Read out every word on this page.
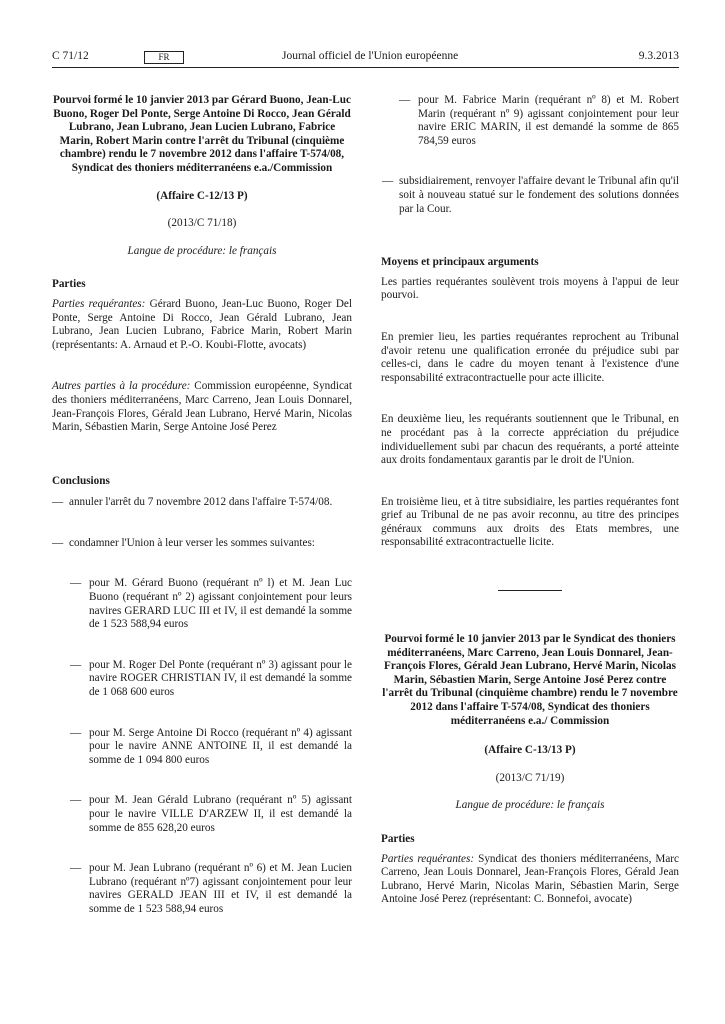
C 71/12	FR	Journal officiel de l'Union européenne	9.3.2013

Pourvoi formé le 10 janvier 2013 par Gérard Buono, Jean-Luc Buono, Roger Del Ponte, Serge Antoine Di Rocco, Jean Gérald Lubrano, Jean Lubrano, Jean Lucien Lubrano, Fabrice Marin, Robert Marin contre l'arrêt du Tribunal (cinquième chambre) rendu le 7 novembre 2012 dans l'affaire T-574/08, Syndicat des thoniers méditerranéens e.a./Commission

(Affaire C-12/13 P)

(2013/C 71/18)

Langue de procédure: le français

Parties

Parties requérantes: Gérard Buono, Jean-Luc Buono, Roger Del Ponte, Serge Antoine Di Rocco, Jean Gérald Lubrano, Jean Lubrano, Jean Lucien Lubrano, Fabrice Marin, Robert Marin (représentants: A. Arnaud et P.-O. Koubi-Flotte, avocats)

Autres parties à la procédure: Commission européenne, Syndicat des thoniers méditerranéens, Marc Carreno, Jean Louis Donnarel, Jean-François Flores, Gérald Jean Lubrano, Hervé Marin, Nicolas Marin, Sébastien Marin, Serge Antoine José Perez

Conclusions

— annuler l'arrêt du 7 novembre 2012 dans l'affaire T-574/08.

— condamner l'Union à leur verser les sommes suivantes:

— pour M. Gérard Buono (requérant nº l) et M. Jean Luc Buono (requérant nº 2) agissant conjointement pour leurs navires GERARD LUC III et IV, il est demandé la somme de 1 523 588,94 euros

— pour M. Roger Del Ponte (requérant nº 3) agissant pour le navire ROGER CHRISTIAN IV, il est demandé la somme de 1 068 600 euros

— pour M. Serge Antoine Di Rocco (requérant nº 4) agissant pour le navire ANNE ANTOINE II, il est demandé la somme de 1 094 800 euros

— pour M. Jean Gérald Lubrano (requérant nº 5) agissant pour le navire VILLE D'ARZEW II, il est demandé la somme de 855 628,20 euros

— pour M. Jean Lubrano (requérant nº 6) et M. Jean Lucien Lubrano (requérant nº7) agissant conjointement pour leur navires GERALD JEAN III et IV, il est demandé la somme de 1 523 588,94 euros

— pour M. Fabrice Marin (requérant nº 8) et M. Robert Marin (requérant nº 9) agissant conjointement pour leur navire ERIC MARIN, il est demandé la somme de 865 784,59 euros

— subsidiairement, renvoyer l'affaire devant le Tribunal afin qu'il soit à nouveau statué sur le fondement des solutions données par la Cour.

Moyens et principaux arguments

Les parties requérantes soulèvent trois moyens à l'appui de leur pourvoi.

En premier lieu, les parties requérantes reprochent au Tribunal d'avoir retenu une qualification erronée du préjudice subi par celles-ci, dans le cadre du moyen tenant à l'existence d'une responsabilité extracontractuelle pour acte illicite.

En deuxième lieu, les requérants soutiennent que le Tribunal, en ne procédant pas à la correcte appréciation du préjudice individuellement subi par chacun des requérants, a porté atteinte aux droits fondamentaux garantis par le droit de l'Union.

En troisième lieu, et à titre subsidiaire, les parties requérantes font grief au Tribunal de ne pas avoir reconnu, au titre des principes généraux communs aux droits des Etats membres, une responsabilité extracontractuelle licite.

Pourvoi formé le 10 janvier 2013 par le Syndicat des thoniers méditerranéens, Marc Carreno, Jean Louis Donnarel, Jean-François Flores, Gérald Jean Lubrano, Hervé Marin, Nicolas Marin, Sébastien Marin, Serge Antoine José Perez contre l'arrêt du Tribunal (cinquième chambre) rendu le 7 novembre 2012 dans l'affaire T-574/08, Syndicat des thoniers méditerranéens e.a./ Commission

(Affaire C-13/13 P)

(2013/C 71/19)

Langue de procédure: le français

Parties

Parties requérantes: Syndicat des thoniers méditerranéens, Marc Carreno, Jean Louis Donnarel, Jean-François Flores, Gérald Jean Lubrano, Hervé Marin, Nicolas Marin, Sébastien Marin, Serge Antoine José Perez (représentant: C. Bonnefoi, avocate)
